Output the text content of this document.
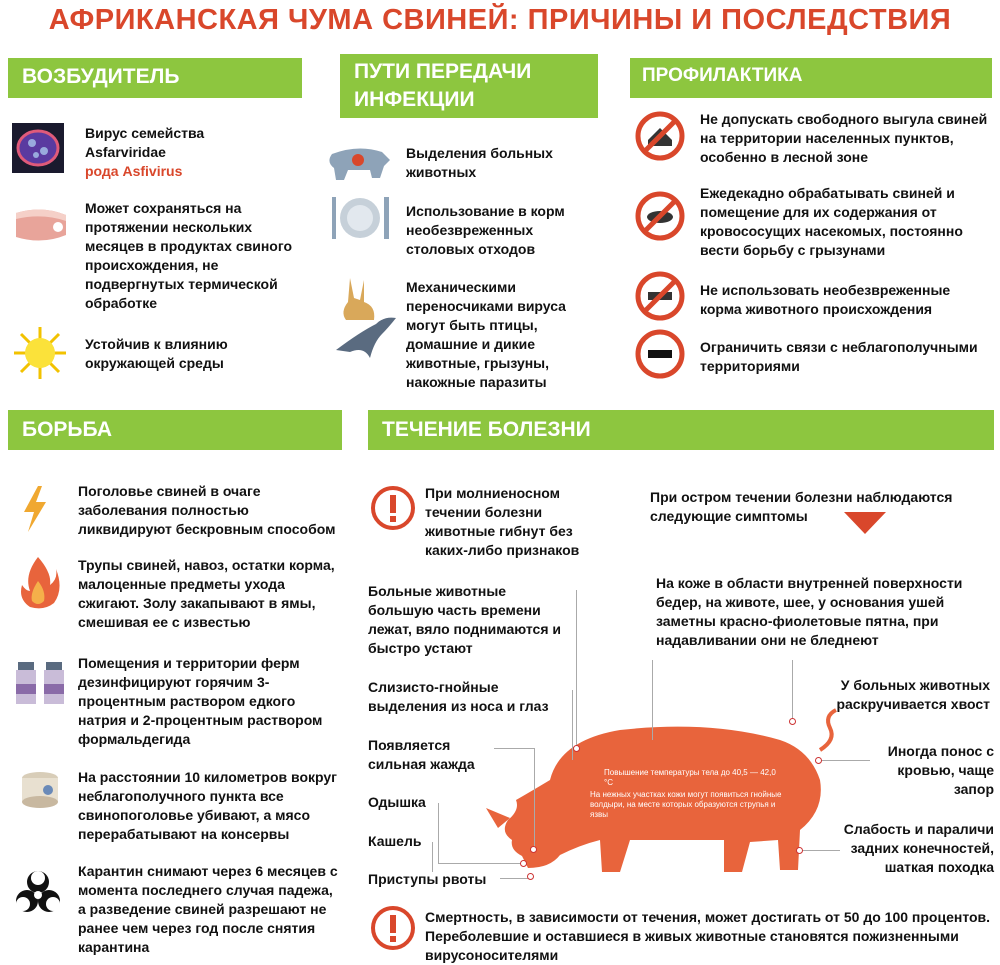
АФРИКАНСКАЯ ЧУМА СВИНЕЙ: ПРИЧИНЫ И ПОСЛЕДСТВИЯ
ВОЗБУДИТЕЛЬ
Вирус семейства
Asfarviridae
рода Asfivirus
Может сохраняться на протяжении нескольких месяцев в продуктах свиного происхождения, не подвергнутых термической обработке
Устойчив к влиянию окружающей среды
ПУТИ ПЕРЕДАЧИ ИНФЕКЦИИ
Выделения больных животных
Использование в корм необезвреженных столовых отходов
Механическими переносчиками вируса могут быть птицы, домашние и дикие животные, грызуны, накожные паразиты
ПРОФИЛАКТИКА
Не допускать свободного выгула свиней на территории населенных пунктов, особенно в лесной зоне
Ежедекадно обрабатывать свиней и помещение для их содержания от кровососущих насекомых, постоянно вести борьбу с грызунами
Не использовать необезвреженные корма животного происхождения
Ограничить связи с неблагополучными территориями
БОРЬБА
Поголовье свиней в очаге заболевания полностью ликвидируют бескровным способом
Трупы свиней, навоз, остатки корма, малоценные предметы ухода сжигают. Золу закапывают в ямы, смешивая ее с известью
Помещения и территории ферм дезинфицируют горячим 3-процентным раствором едкого натрия и 2-процентным раствором формальдегида
На расстоянии 10 километров вокруг неблагополучного пункта все свинопоголовье убивают, а мясо перерабатывают на консервы
Карантин снимают через 6 месяцев с момента последнего случая падежа, а разведение свиней разрешают не ранее чем через год после снятия карантина
ТЕЧЕНИЕ БОЛЕЗНИ
При молниеносном течении болезни животные гибнут без каких-либо признаков
При остром течении болезни наблюдаются следующие симптомы
Повышение температуры тела до 40,5 — 42,0 °С
На нежных участках кожи могут появиться гнойные волдыри, на месте которых образуются струпья и язвы
Больные животные большую часть времени лежат, вяло поднимаются и быстро устают
Слизисто-гнойные выделения из носа и глаз
Появляется сильная жажда
Одышка
Кашель
Приступы рвоты
На коже в области внутренней поверхности бедер, на животе, шее, у основания ушей заметны красно-фиолетовые пятна, при надавливании они не бледнеют
У больных животных раскручивается хвост
Иногда понос с кровью, чаще запор
Слабость и параличи задних конечностей, шаткая походка
Смертность, в зависимости от течения, может достигать от 50 до 100 процентов. Переболевшие и оставшиеся в живых животные становятся пожизненными вирусоносителями
